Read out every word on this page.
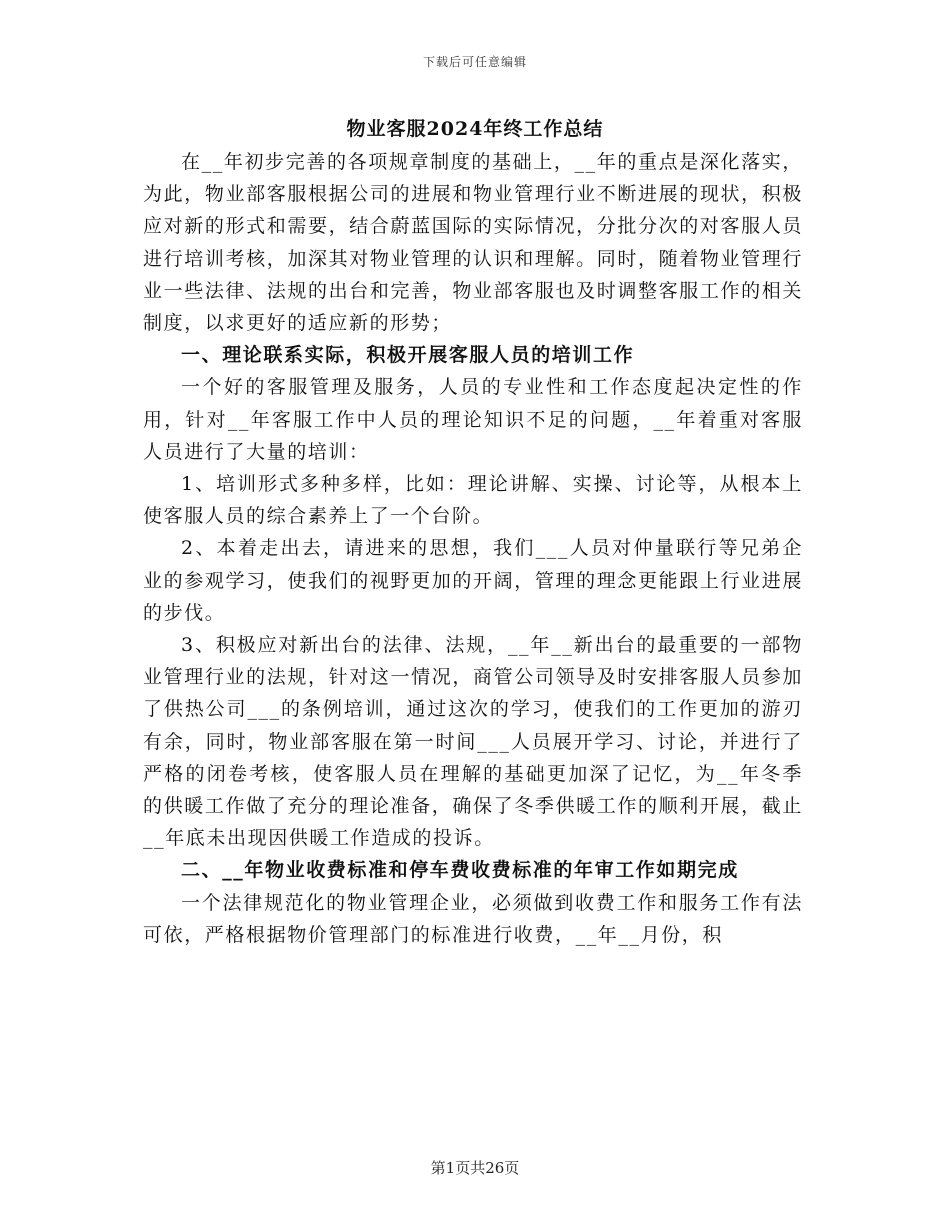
下载后可任意编辑
物业客服2024年终工作总结

在__年初步完善的各项规章制度的基础上，__年的重点是深化落实，为此，物业部客服根据公司的进展和物业管理行业不断进展的现状，积极应对新的形式和需要，结合蔚蓝国际的实际情况，分批分次的对客服人员进行培训考核，加深其对物业管理的认识和理解。同时，随着物业管理行业一些法律、法规的出台和完善，物业部客服也及时调整客服工作的相关制度，以求更好的适应新的形势；

一、理论联系实际，积极开展客服人员的培训工作

一个好的客服管理及服务，人员的专业性和工作态度起决定性的作用，针对__年客服工作中人员的理论知识不足的问题，__年着重对客服人员进行了大量的培训：

1、培训形式多种多样，比如：理论讲解、实操、讨论等，从根本上使客服人员的综合素养上了一个台阶。

2、本着走出去，请进来的思想，我们___人员对仲量联行等兄弟企业的参观学习，使我们的视野更加的开阔，管理的理念更能跟上行业进展的步伐。

3、积极应对新出台的法律、法规，__年__新出台的最重要的一部物业管理行业的法规，针对这一情况，商管公司领导及时安排客服人员参加了供热公司___的条例培训，通过这次的学习，使我们的工作更加的游刃有余，同时，物业部客服在第一时间___人员展开学习、讨论，并进行了严格的闭卷考核，使客服人员在理解的基础更加深了记忆，为__年冬季的供暖工作做了充分的理论准备，确保了冬季供暖工作的顺利开展，截止__年底未出现因供暖工作造成的投诉。

二、__年物业收费标准和停车费收费标准的年审工作如期完成

一个法律规范化的物业管理企业，必须做到收费工作和服务工作有法可依，严格根据物价管理部门的标准进行收费，__年__月份，积

第1页共26页
